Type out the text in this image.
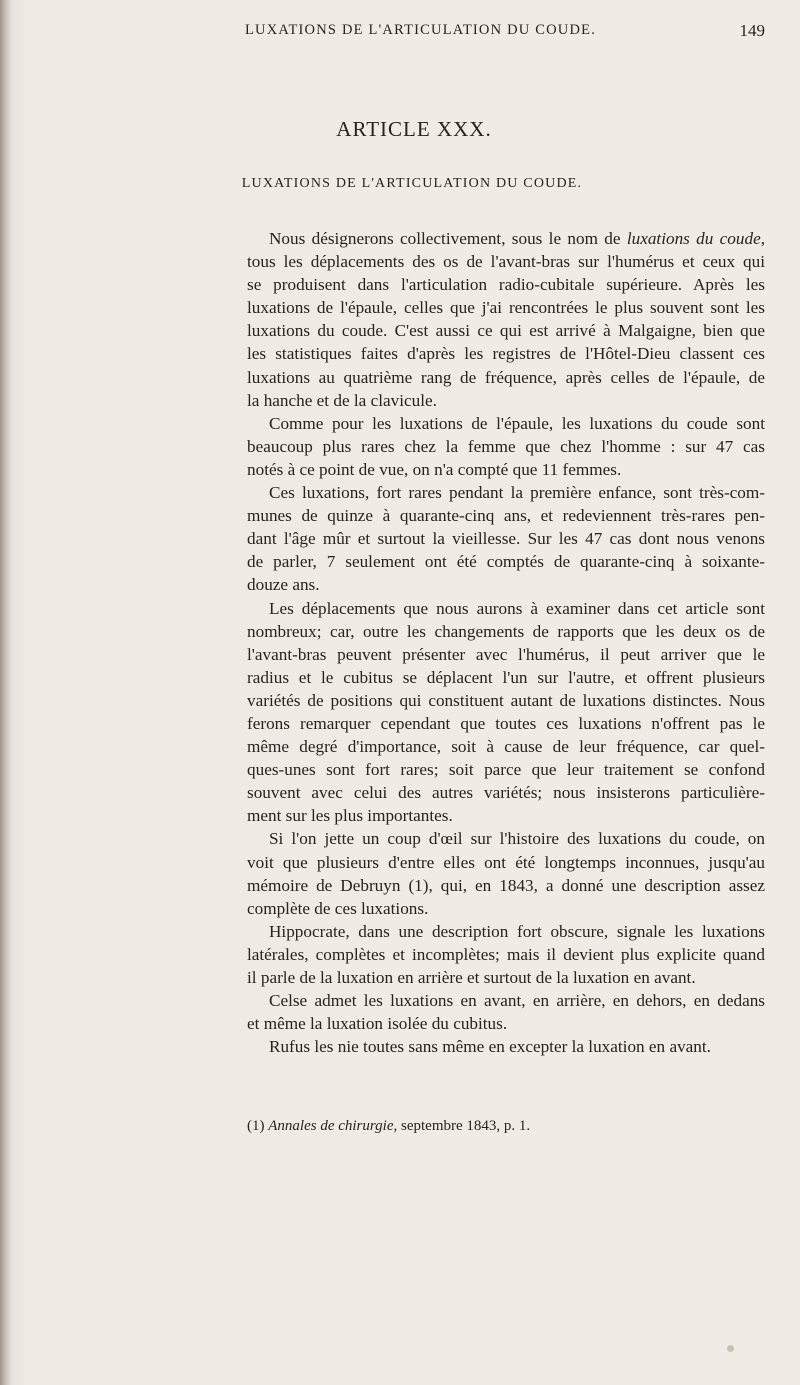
LUXATIONS DE L'ARTICULATION DU COUDE.	149
ARTICLE XXX.
LUXATIONS DE L'ARTICULATION DU COUDE.
Nous désignerons collectivement, sous le nom de luxations du coude,
tous les déplacements des os de l'avant-bras sur l'humérus et ceux qui
se produisent dans l'articulation radio-cubitale supérieure. Après les
luxations de l'épaule, celles que j'ai rencontrées le plus souvent sont les
luxations du coude. C'est aussi ce qui est arrivé à Malgaigne, bien que
les statistiques faites d'après les registres de l'Hôtel-Dieu classent ces
luxations au quatrième rang de fréquence, après celles de l'épaule, de
la hanche et de la clavicule.
Comme pour les luxations de l'épaule, les luxations du coude sont
beaucoup plus rares chez la femme que chez l'homme : sur 47 cas
notés à ce point de vue, on n'a compté que 11 femmes.
Ces luxations, fort rares pendant la première enfance, sont très-com-
munes de quinze à quarante-cinq ans, et redeviennent très-rares pen-
dant l'âge mûr et surtout la vieillesse. Sur les 47 cas dont nous venons
de parler, 7 seulement ont été comptés de quarante-cinq à soixante-
douze ans.
Les déplacements que nous aurons à examiner dans cet article sont
nombreux; car, outre les changements de rapports que les deux os de
l'avant-bras peuvent présenter avec l'humérus, il peut arriver que le
radius et le cubitus se déplacent l'un sur l'autre, et offrent plusieurs
variétés de positions qui constituent autant de luxations distinctes. Nous
ferons remarquer cependant que toutes ces luxations n'offrent pas le
même degré d'importance, soit à cause de leur fréquence, car quel-
ques-unes sont fort rares; soit parce que leur traitement se confond
souvent avec celui des autres variétés; nous insisterons particulière-
ment sur les plus importantes.
Si l'on jette un coup d'œil sur l'histoire des luxations du coude, on
voit que plusieurs d'entre elles ont été longtemps inconnues, jusqu'au
mémoire de Debruyn (1), qui, en 1843, a donné une description assez
complète de ces luxations.
Hippocrate, dans une description fort obscure, signale les luxations
latérales, complètes et incomplètes; mais il devient plus explicite quand
il parle de la luxation en arrière et surtout de la luxation en avant.
Celse admet les luxations en avant, en arrière, en dehors, en dedans
et même la luxation isolée du cubitus.
Rufus les nie toutes sans même en excepter la luxation en avant.
(1) Annales de chirurgie, septembre 1843, p. 1.
